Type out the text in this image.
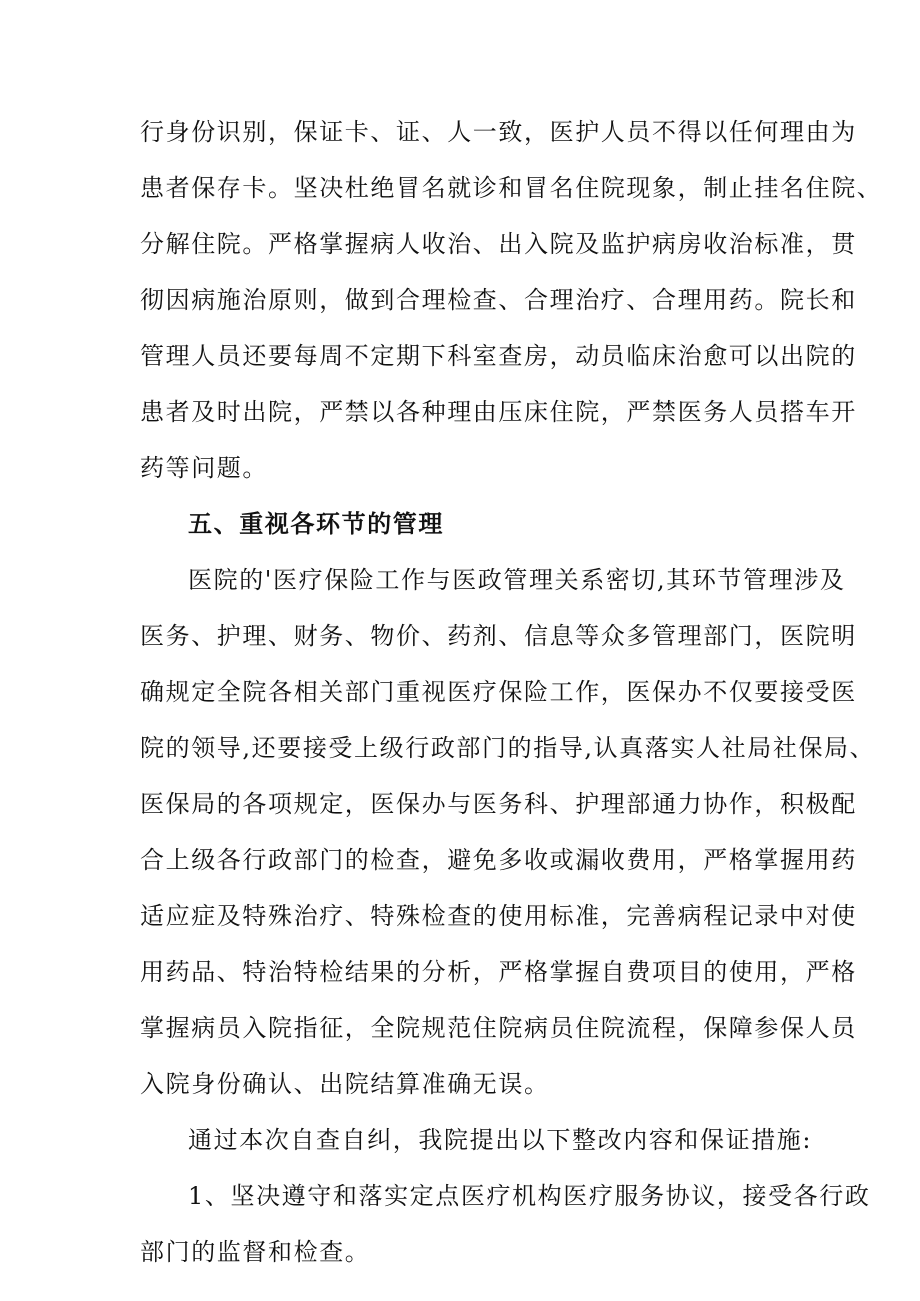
行身份识别，保证卡、证、人一致，医护人员不得以任何理由为
患者保存卡。坚决杜绝冒名就诊和冒名住院现象，制止挂名住院、
分解住院。严格掌握病人收治、出入院及监护病房收治标准，贯
彻因病施治原则，做到合理检查、合理治疗、合理用药。院长和
管理人员还要每周不定期下科室查房，动员临床治愈可以出院的
患者及时出院，严禁以各种理由压床住院，严禁医务人员搭车开
药等问题。
五、重视各环节的管理
医院的'医疗保险工作与医政管理关系密切,其环节管理涉及
医务、护理、财务、物价、药剂、信息等众多管理部门，医院明
确规定全院各相关部门重视医疗保险工作，医保办不仅要接受医
院的领导,还要接受上级行政部门的指导,认真落实人社局社保局、
医保局的各项规定，医保办与医务科、护理部通力协作，积极配
合上级各行政部门的检查，避免多收或漏收费用，严格掌握用药
适应症及特殊治疗、特殊检查的使用标准，完善病程记录中对使
用药品、特治特检结果的分析，严格掌握自费项目的使用，严格
掌握病员入院指征，全院规范住院病员住院流程，保障参保人员
入院身份确认、出院结算准确无误。
通过本次自查自纠，我院提出以下整改内容和保证措施:
1、坚决遵守和落实定点医疗机构医疗服务协议，接受各行政
部门的监督和检查。
